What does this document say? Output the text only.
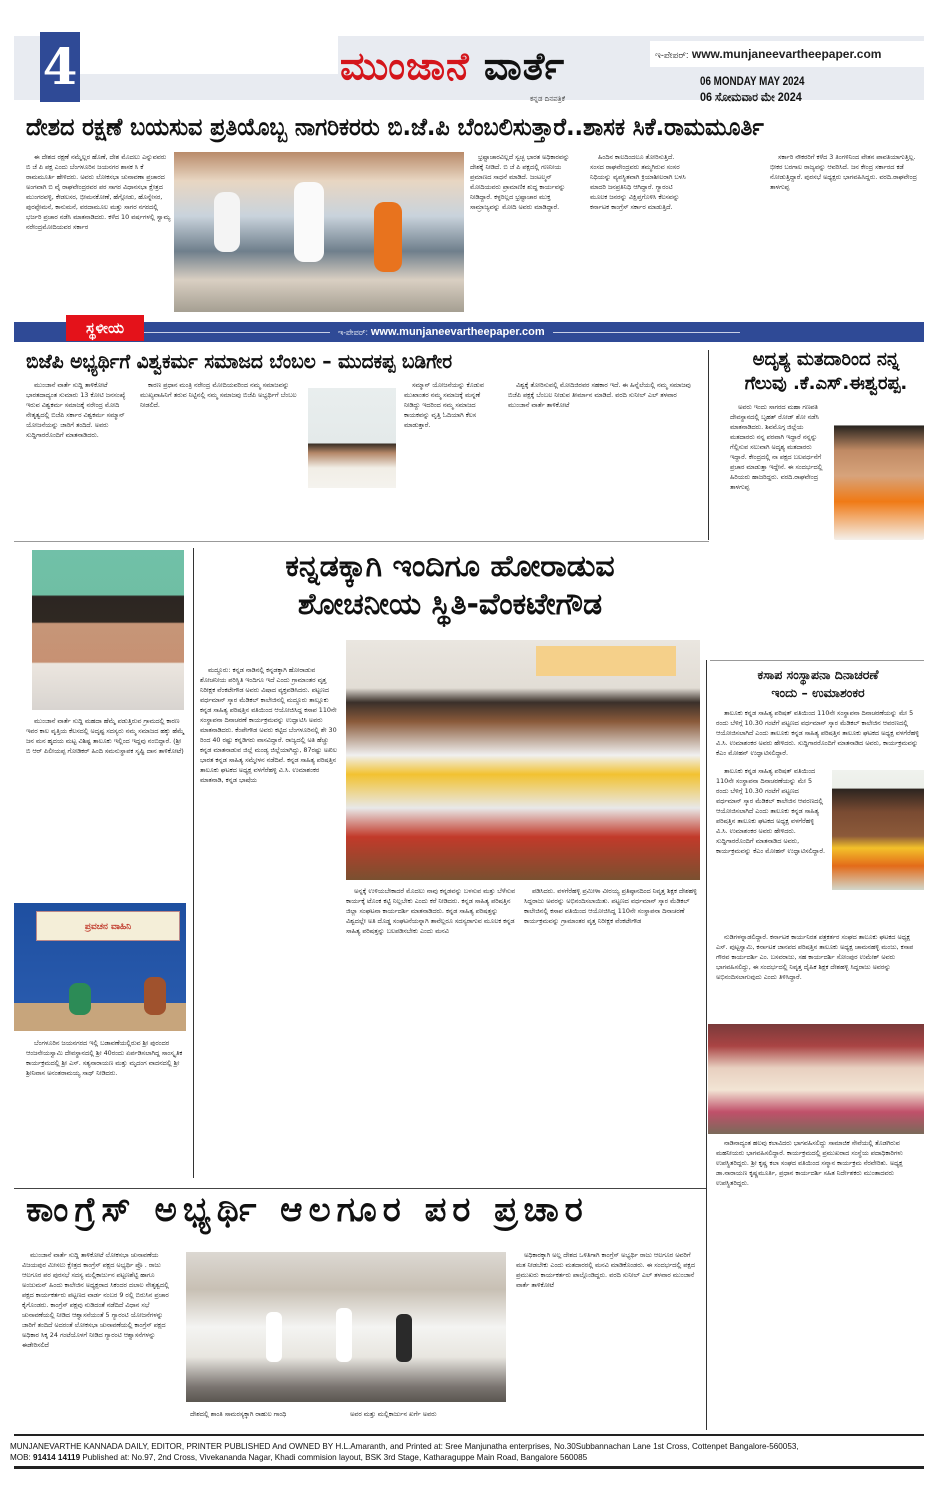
4	ಮುಂಜಾನೆ ವಾರ್ತೆ
ಕನ್ನಡ ದಿನಪತ್ರಿಕೆ
ಇ-ಪೇಪರ್: www.munjaneevartheepaper.com
06 MONDAY MAY 2024
06 ಸೋಮವಾರ ಮೇ 2024
ದೇಶದ ರಕ್ಷಣೆ ಬಯಸುವ ಪ್ರತಿಯೊಬ್ಬ ನಾಗರಿಕರರು ಬಿ.ಜೆ.ಪಿ ಬೆಂಬಲಿಸುತ್ತಾರೆ..ಶಾಸಕ ಸಿಕೆ.ರಾಮಮೂರ್ತಿ

ಈ ದೇಶದ ರಕ್ಷಣೆ ನಮ್ಮೆಲ್ಲರ ಹೊಣೆ, ದೇಶ ಮೊದಲು ಎನ್ನುವವರು ಬಿ ಜೆ ಪಿ ಪಕ್ಷ ಎಂದು ಬೆಂಗಳೂರಿನ ಜಯನಗರ ಶಾಸಕ ಸಿ ಕೆ ರಾಮಮೂರ್ತಿ ಹೇಳಿದರು. ಅವರು ಲೋಕಸಭಾ ಚುನಾವಣಾ ಪ್ರಚಾರದ ಅಂಗವಾಗಿ ಬಿ ವೈ ರಾಘವೇಂದ್ರರವರ ಪರ ಸಾಗರ ವಿಧಾನಸಭಾ ಕ್ಷೇತ್ರದ ಮುಂಗರವಳ್ಳಿ, ಕೇಡಲಸರ, ಭೀಮನಕೋಣೆ, ಹೆಗ್ಗೋಡು, ಹೊನ್ನೇಸರ, ಪುರಪ್ಪೇಮನೆ, ಕಾನುಮನೆ, ವರದಾಮೂಲ ಮತ್ತು ಸಾಗರ ನಗರದಲ್ಲಿ ಭರ್ಜರಿ ಪ್ರಚಾರ ನಡೆಸಿ ಮಾತನಾಡಿದರು. ಕಳೆದ 10 ವರ್ಷಗಳಲ್ಲಿ ಸ್ವಾಮ್ಯ ನರೇಂದ್ರಮೋದಿಯವರ ಸರ್ಕಾರ

ಭ್ರಷ್ಟಾಚಾರವಿಲ್ಲದೆ ಸ್ವಚ್ಛ ಭಾರತ ಅಧಿಕಾರವನ್ನು ದೇಶಕ್ಕೆ ನೀಡಿದೆ. ಬಿ ಜೆ ಪಿ ಪಕ್ಷದಲ್ಲಿ ಗಣನೀಯ ಪ್ರಮಾಣದ ಸಾಧನೆ ಮಾಡಿದೆ. ಜಂಟಲ್ಮನ್ ಮೋದಿಯವರು ಪ್ರಾಮಾಣಿಕ ಶುದ್ಧ ಕಾರ್ಯವನ್ನು ನೀಡಿದ್ದಾರೆ. ಕಳ್ಳರಿಲ್ಲದ ಭ್ರಷ್ಟಾಚಾರ ಮುಕ್ತ ಸಾಮ್ರಾಜ್ಯವನ್ನು ಮೋದಿ ಅವರು ಮಾಡಿದ್ದಾರೆ.

ಹಿಂದಿನ ಕಾಲದಿಂದಲೂ ತೋರಿಸುತ್ತಿದೆ. ಸಂಸದ ರಾಘವೇಂದ್ರವರು ತಮ್ಮಗಿರುವ ಸಂಸರ ನಿಧಿಯನ್ನು ವ್ಯವಸ್ಥಿತವಾಗಿ ಕ್ರಿಯಾಶೀಲರಾಗಿ ಬಳಸಿ ಮಾದರಿ ಜನಪ್ರತಿನಿಧಿ ಆಗಿದ್ದಾರೆ. ಗ್ಯಾರಂಟಿ ಮೂಲಕ ಜನರನ್ನು ವಿಕ್ಷಿಪ್ತಗೊಳಿಸಿ ಕೆಲಸವನ್ನು ಕರ್ನಾಟಕ ಕಾಂಗ್ರೆಸ್ ಸರ್ಕಾರ ಮಾಡುತ್ತಿದೆ.

ಸರ್ಕಾರಿ ನೌಕರರಿಗೆ ಕಳೆದ 3 ತಿಂಗಳಿನಿಂದ ವೇತನ ಪಾವತಿಯಾಗುತ್ತಿಲ್ಲ. ಭೀಕರ ಬರಗಾಲ ರಾಜ್ಯವನ್ನು ಆವರಿಸಿದೆ. ಜನ ಕೇಂದ್ರ ಸರ್ಕಾರದ ಕಡೆ ನೋಡುತ್ತಿದ್ದಾರೆ. ಪುರಸಭೆ ಅಧ್ಯಕ್ಷರು ಭಾಗವಹಿಸಿದ್ದರು. ವರದಿ.ರಾಘವೇಂದ್ರ ತಾಳಗುಪ್ಪ

ಇ-ಪೇಪರ್: www.munjaneevartheepaper.com
ಸ್ಥಳೀಯ
ಬಿಜೆಪಿ ಅಭ್ಯರ್ಥಿಗೆ ವಿಶ್ವಕರ್ಮ ಸಮಾಜದ ಬೆಂಬಲ – ಮುದಕಪ್ಪ ಬಡಿಗೇರ

ಮುಂಜಾನೆ ವಾರ್ತೆ ಸುದ್ದಿ ತಾಳಿಕೋಟೆ ಭಾರತದಾದ್ಯಂತ ಸುಮಾರು 13 ಕೋಟಿ ಜನಸಂಖ್ಯೆ ಇರುವ ವಿಶ್ವಕರ್ಮ ಸಮಾಜಕ್ಕೆ ನರೇಂದ್ರ ಮೋದಿ ನೇತೃತ್ವದಲ್ಲಿ ಬಿಜೆಪಿ ಸರ್ಕಾರ ವಿಶ್ವಕರ್ಮ ಸಮ್ಮಾನ್ ಯೋಜನೆಯನ್ನು ಜಾರಿಗೆ ತಂದಿದೆ. ಅವರು ಸುದ್ದಿಗಾರರೊಂದಿಗೆ ಮಾತನಾಡಿದರು.

ಕಾರಣ ಪ್ರಧಾನ ಮಂತ್ರಿ ನರೇಂದ್ರ ಮೋದಿಯವರಿಂದ ನಮ್ಮ ಸಮಾಜವನ್ನು ಮುಖ್ಯವಾಹಿನಿಗೆ ತರುವ ನಿಟ್ಟಿನಲ್ಲಿ ನಮ್ಮ ಸಮಾಜವು ಬಿಜೆಪಿ ಅಭ್ಯರ್ಥಿಗೆ ಬೆಂಬಲ ನೀಡಲಿದೆ.

ಸಮ್ಮಾನ್ ಯೋಜನೆಯನ್ನು ಕೊಡುವ ಮುಖಾಂತರ ನಮ್ಮ ಸಮಾಜಕ್ಕೆ ಮನ್ನಣೆ ನೀಡಿದ್ದು ಇದರಿಂದ ನಮ್ಮ ಸಮಾಜದ ಕಾಯಕವನ್ನು ವೃತ್ತಿ ಓದಿಯಾಗಿ ಕೆಲಸ ಮಾಡುತ್ತಾರೆ.

ವಿಶ್ವಕ್ಕೆ ತೋರಿಸುವಲ್ಲಿ ಮೋದಿಜಿರವರ ಸಹಕಾರ ಇದೆ. ಈ ಹಿನ್ನೆಲೆಯಲ್ಲಿ ನಮ್ಮ ಸಮಾಜವು ಬಿಜೆಪಿ ಪಕ್ಷಕ್ಕೆ ಬೆಂಬಲ ನೀಡುವ ತೀರ್ಮಾನ ಮಾಡಿದೆ. ವರದಿ ಸುನೀಲ್ ಎಲ್ ತಳವಾರ ಮುಂಜಾನೆ ವಾರ್ತೆ ತಾಳಿಕೋಟೆ

ಅದೃಶ್ಯ ಮತದಾರಿಂದ ನನ್ನ
ಗೆಲುವು .ಕೆ.ಎಸ್.ಈಶ್ವರಪ್ಪ.

ಅವರು ಇಂದು ಸಾಗರದ ಮಹಾ ಗಣಪತಿ ದೇವಸ್ಥಾನದಲ್ಲಿ ಬೃಹತ್ ರೋಡ್ ಶೋ ನಡೆಸಿ ಮಾತನಾಡಿದರು. ಶಿವಮೊಗ್ಗ ಜಿಲ್ಲೆಯ ಮತದಾರರು ನನ್ನ ಪರವಾಗಿ ಇದ್ದಾರೆ ನನ್ನನ್ನು ಗೆಲ್ಲಿಸುವ ಸಲುವಾಗಿ ಅದೃಶ್ಯ ಮತದಾರರು ಇದ್ದಾರೆ. ಕೇಂದ್ರದಲ್ಲಿ ನಾ ಪಕ್ಷದ ಬಲವರ್ಧನೆಗೆ ಪ್ರಚಾರ ಮಾಡುತ್ತಾ ಇದ್ದೇನೆ. ಈ ಸಂದರ್ಭದಲ್ಲಿ ಹಿರಿಯರು ಹಾಜರಿದ್ದರು. ವರದಿ.ರಾಘವೇಂದ್ರ ತಾಳಗುಪ್ಪ

ಮುಂಜಾನೆ ವಾರ್ತೆ ಸುದ್ದಿ ಮಹದಾ ಹೆಮ್ಮೆ ಪಡುತ್ತಿರುವ ಗ್ರಾಮದಲ್ಲಿ ಕಾರಣ ಇವರ ಕಾಲ ವೃತ್ತಿಯ ಕೆಲಸದಲ್ಲಿ ಅದೃಷ್ಟ ಸದಸ್ಯರು ನಮ್ಮ ಸಮಾಜದ ಹಕ್ಕು ಹೆಮ್ಮೆ ಜನ ಮನ ಹೃದಯ ಮಟ್ಟ ವಿಶಿಷ್ಟ ತಾಲೂಕು ಇಲ್ಲಿಂದ ಇದ್ದವು ನಂಬಿದ್ದಾರೆ. (ಶ್ರೀ ಬಿ ಆರ್ ಪಿಲೀಯಪ್ಪ ಗೋಡಿಕರ್ ಹಿಂದಿ ಸಮನುಸ್ಥಾಪಕ ಸೃಷ್ಟಿ ದಾನ ತಾಳಿಕೋಟೆ)

ಪ್ರವಚನ ವಾಹಿನಿ

ಬೆಂಗಳೂರಿನ ಜಯನಗರದ ಇಲ್ಲಿ ಬಡಾವಣೆಯಲ್ಲಿರುವ ಶ್ರೀ ಪುರಂದರ ಆಂಜನೇಯಸ್ವಾಮಿ ದೇವಸ್ಥಾನದಲ್ಲಿ ಶ್ರೀ 40ರಂದು ಏರ್ಪಡಿಸಲಾಗಿದ್ದ ಸಾಂಸ್ಕೃತಿಕ ಕಾರ್ಯಕ್ರಮದಲ್ಲಿ ಶ್ರೀ ಎಸ್. ಸತ್ಯನಾರಾಯಣ ಮತ್ತು ಮೃದಂಗ ವಾದನದಲ್ಲಿ ಶ್ರೀ ಶ್ರೀನಿವಾಸ ಅನಂತರಾಮಯ್ಯ ಸಾಥ್ ನೀಡಿದರು.

ಕನ್ನಡಕ್ಕಾಗಿ ಇಂದಿಗೂ ಹೋರಾಡುವ
ಶೋಚನೀಯ ಸ್ಥಿತಿ-ವೆಂಕಟೇಗೌಡ

ಮದ್ದೂರು: ಕನ್ನಡ ನಾಡಿನಲ್ಲಿ ಕನ್ನಡಕ್ಕಾಗಿ ಹೋರಾಡುವ ಶೋಚನೀಯ ಪರಿಸ್ಥಿತಿ ಇಂದಿಗೂ ಇದೆ ಎಂದು ಗ್ರಾಮಾಂತರ ವೃತ್ತ ನಿರೀಕ್ಷಕ ವೆಂಕಟೇಗೌಡ ಅವರು ವಿಷಾದ ವ್ಯಕ್ತಪಡಿಸಿದರು. ಪಟ್ಟಣದ ವರ್ಧಮಾನ್ ಸ್ಕಾರ ಮೆಡಿಕಲ್ ಕಾಲೇಜಿನಲ್ಲಿ ಮದ್ದೂರು ತಾಲ್ಲೂಕು ಕನ್ನಡ ಸಾಹಿತ್ಯ ಪರಿಷತ್ತಿನ ವತಿಯಿಂದ ಆಯೋಜಿಸಿದ್ದ ಕಸಾಪ 110ನೇ ಸಂಸ್ಥಾಪನಾ ದಿನಾಚರಣೆ ಕಾರ್ಯಕ್ರಮವನ್ನು ಉದ್ಘಾಟಿಸಿ ಅವರು ಮಾತನಾಡಿದರು. ಕೆಂಪೇಗೌಡ ಅವರು ಕಟ್ಟಿದ ಬೆಂಗಳೂರಿನಲ್ಲಿ ಶೇ 30 ರಿಂದ 40 ರಷ್ಟು ಕನ್ನಡಿಗರು ವಾಸವಿದ್ದಾರೆ. ರಾಜ್ಯದಲ್ಲಿ ಅತಿ ಹೆಚ್ಚು ಕನ್ನಡ ಮಾತನಾಡುವ ಜಿಲ್ಲೆ ಮಂಡ್ಯ ಜಿಲ್ಲೆಯಾಗಿದ್ದು, 87ರಷ್ಟು ಅಖಿಲ ಭಾರತ ಕನ್ನಡ ಸಾಹಿತ್ಯ ಸಮ್ಮೇಳನ ನಡೆದಿವೆ. ಕನ್ನಡ ಸಾಹಿತ್ಯ ಪರಿಷತ್ತಿನ ತಾಲೂಕು ಘಟಕದ ಅಧ್ಯಕ್ಷ ವಳಗೆರೆಹಳ್ಳಿ ವಿ.ಸಿ. ಉಮಾಶಂಕರ ಮಾತನಾಡಿ, ಕನ್ನಡ ಭಾಷೆಯ

ಅನ್ನಕ್ಕೆ ಉಳಿಯಬೇಕಾದರೆ ಮೊದಲು ನಾವು ಕನ್ನಡವನ್ನು ಬಳಸುವ ಮತ್ತು ಬೆಳೆಸುವ ಕಾರ್ಯಕ್ಕೆ ಟೊಂಕ ಕಟ್ಟಿ ನಿಲ್ಲಬೇಕು ಎಂದು ಕರೆ ನೀಡಿದರು. ಕನ್ನಡ ಸಾಹಿತ್ಯ ಪರಿಷತ್ತಿನ ಜಿಲ್ಲಾ ಸಂಘಟನಾ ಕಾರ್ಯದರ್ಶಿ ಮಾತನಾಡಿದರು. ಕನ್ನಡ ಸಾಹಿತ್ಯ ಪರಿಷತ್ತನ್ನು ವಿಶ್ವದಲ್ಲೇ ಅತಿ ದೊಡ್ಡ ಸಂಘಟನೆಯನ್ನಾಗಿ ತಾವೆಲ್ಲರೂ ಸದಸ್ಯರಾಗುವ ಮೂಲಕ ಕನ್ನಡ ಸಾಹಿತ್ಯ ಪರಿಷತ್ತನ್ನು ಬಲಪಡಿಸಬೇಕು ಎಂದು ಮನವಿ

ಪಡಿಸಿದರು. ವಳಗೆರೆಹಳ್ಳಿ ಪ್ರಮೀಳಾ ವೀರಯ್ಯ ಪ್ರತಿಷ್ಠಾನದಿಂದ ನಿವೃತ್ತ ಶಿಕ್ಷಕ ದೇಶಹಳ್ಳಿ ಸಿದ್ದರಾಜು ಅವರನ್ನು ಅಭಿನಂದಿಸಲಾಯಿತು. ಪಟ್ಟಣದ ವರ್ಧಮಾನ್ ಸ್ಕಾರ ಮೆಡಿಕಲ್ ಕಾಲೇಜಿನಲ್ಲಿ ಕಸಾಪ ವತಿಯಿಂದ ಆಯೋಜಿಸಿದ್ದ 110ನೇ ಸಂಸ್ಥಾಪನಾ ದಿನಾಚರಣೆ ಕಾರ್ಯಕ್ರಮವನ್ನು ಗ್ರಾಮಾಂತರ ವೃತ್ತ ನಿರೀಕ್ಷಕ ವೆಂಕಟೇಗೌಡ

ಕಸಾಪ ಸಂಸ್ಥಾಪನಾ ದಿನಾಚರಣೆ
ಇಂದು – ಉಮಾಶಂಕರ

ತಾಲೂಕು ಕನ್ನಡ ಸಾಹಿತ್ಯ ಪರಿಷತ್ ವತಿಯಿಂದ 110ನೇ ಸಂಸ್ಥಾಪನಾ ದಿನಾಚರಣೆಯನ್ನು ಮೇ 5 ರಂದು ಬೆಳಿಗ್ಗೆ 10.30 ಗಂಟೆಗೆ ಪಟ್ಟಣದ ವರ್ಧಮಾನ್ ಸ್ಕಾರ ಮೆಡಿಕಲ್ ಕಾಲೇಜಿನ ಆವರಣದಲ್ಲಿ ಆಯೋಜಿಸಲಾಗಿದೆ ಎಂದು ತಾಲೂಕು ಕನ್ನಡ ಸಾಹಿತ್ಯ ಪರಿಷತ್ತಿನ ತಾಲೂಕು ಘಟಕದ ಅಧ್ಯಕ್ಷ ವಳಗೆರೆಹಳ್ಳಿ ವಿ.ಸಿ. ಉಮಾಶಂಕರ ಅವರು ಹೇಳಿದರು. ಸುದ್ದಿಗಾರರೊಂದಿಗೆ ಮಾತನಾಡಿದ ಅವರು, ಕಾರ್ಯಕ್ರಮವನ್ನು ಕೆಎಂ ಮೋಹನ್ ಉದ್ಘಾಟಿಸಲಿದ್ದಾರೆ.

ತಾಲೂಕು ಕನ್ನಡ ಸಾಹಿತ್ಯ ಪರಿಷತ್ ವತಿಯಿಂದ 110ನೇ ಸಂಸ್ಥಾಪನಾ ದಿನಾಚರಣೆಯನ್ನು ಮೇ 5 ರಂದು ಬೆಳಿಗ್ಗೆ 10.30 ಗಂಟೆಗೆ ಪಟ್ಟಣದ ವರ್ಧಮಾನ್ ಸ್ಕಾರ ಮೆಡಿಕಲ್ ಕಾಲೇಜಿನ ಆವರಣದಲ್ಲಿ ಆಯೋಜಿಸಲಾಗಿದೆ ಎಂದು ತಾಲೂಕು ಕನ್ನಡ ಸಾಹಿತ್ಯ ಪರಿಷತ್ತಿನ ತಾಲೂಕು ಘಟಕದ ಅಧ್ಯಕ್ಷ ವಳಗೆರೆಹಳ್ಳಿ ವಿ.ಸಿ. ಉಮಾಶಂಕರ ಅವರು ಹೇಳಿದರು. ಸುದ್ದಿಗಾರರೊಂದಿಗೆ ಮಾತನಾಡಿದ ಅವರು, ಕಾರ್ಯಕ್ರಮವನ್ನು ಕೆಎಂ ಮೋಹನ್ ಉದ್ಘಾಟಿಸಲಿದ್ದಾರೆ.

ನುಡಿಗಳನ್ನಾಡಲಿದ್ದಾರೆ. ಕರ್ನಾಟಕ ಕಾರ್ಯನಿರತ ಪತ್ರಕರ್ತರ ಸಂಘದ ತಾಲೂಕು ಘಟಕದ ಅಧ್ಯಕ್ಷ ಎಸ್. ಪುಟ್ಟಸ್ವಾಮಿ, ಕರ್ನಾಟಕ ಜಾನಪದ ಪರಿಷತ್ತಿನ ತಾಲೂಕು ಅಧ್ಯಕ್ಷ ಚಾಮನಹಳ್ಳಿ ಮಂಜು, ಕಸಾಪ ಗೌರವ ಕಾರ್ಯದರ್ಶಿ ಎಂ. ಬಸವರಾಜು, ಸಹ ಕಾರ್ಯದರ್ಶಿ ಸೋಂಪುರ ಉಮೇಶ್ ಅವರು ಭಾಗವಹಿಸಲಿದ್ದು, ಈ ಸಂದರ್ಭದಲ್ಲಿ ನಿವೃತ್ತ ದೈಹಿಕ ಶಿಕ್ಷಕ ದೇಶಹಳ್ಳಿ ಸಿದ್ದರಾಜು ಅವರನ್ನು ಅಭಿನಂದಿಸಲಾಗುವುದು ಎಂದು ತಿಳಿಸಿದ್ದಾರೆ.

ನಾಡಿನಾದ್ಯಂತ ಹಲವು ಕಲಾವಿದರು ಭಾಗವಹಿಸಲಿದ್ದು ಸಾಮಾಜಿಕ ಸೇವೆಯಲ್ಲಿ ತೊಡಗಿರುವ ಮಹನೀಯರು ಭಾಗವಹಿಸಲಿದ್ದಾರೆ. ಕಾರ್ಯಕ್ರಮದಲ್ಲಿ ಪ್ರಮುಖರಾದ ಸಂಸ್ಥೆಯ ಪದಾಧಿಕಾರಿಗಳು ಉಪಸ್ಥಿತರಿದ್ದರು. ಶ್ರೀ ಕೃಷ್ಣ ಕಲಾ ಸಂಘದ ವತಿಯಿಂದ ಸನ್ಮಾನ ಕಾರ್ಯಕ್ರಮ ನೆರವೇರಿತು. ಅಧ್ಯಕ್ಷ ಡಾ.ನಾರಾಯಣ ಕೃಷ್ಣಮೂರ್ತಿ, ಪ್ರಧಾನ ಕಾರ್ಯದರ್ಶಿ ಸಹಿತ ನಿರ್ದೇಶಕರು ಮುಂತಾದವರು ಉಪಸ್ಥಿತರಿದ್ದರು.

ಕಾಂಗ್ರೆಸ್ ಅಭ್ಯರ್ಥಿ ಆಲಗೂರ ಪರ ಪ್ರಚಾರ

ಮುಂಜಾನೆ ವಾರ್ತೆ ಸುದ್ದಿ ತಾಳಿಕೋಟೆ ಲೋಕಸಭಾ ಚುನಾವಣೆಯ ವಿಜಯಪುರ ಮೀಸಲು ಕ್ಷೇತ್ರದ ಕಾಂಗ್ರೆಸ್ ಪಕ್ಷದ ಅಭ್ಯರ್ಥಿ ಪ್ರೊ . ರಾಜು ಆಲಗೂರ ಪರ ಪುರಸಭೆ ಸದಸ್ಯ ಮಲ್ಲಿಕಾರ್ಜುನ ಪಟ್ಟಣಶೆಟ್ಟಿ ಹಾಗೂ ಅಂಜುಮನ್ ಹಿಂದು ಕಾಲೇಜಿನ ಅಧ್ಯಕ್ಷರಾದ ಸಿಕಂದರ ದಲಾಲ ನೇತೃತ್ವದಲ್ಲಿ ಪಕ್ಷದ ಕಾರ್ಯಕರ್ತರು ಪಟ್ಟಣದ ವಾರ್ಡ ನಂಬರ 9 ರಲ್ಲಿ ಬಿರುಸಿನ ಪ್ರಚಾರ ಕೈಗೊಂಡರು. ಕಾಂಗ್ರೆಸ್ ಪಕ್ಷವು ನುಡಿದಂತೆ ನಡೆದಿದೆ ವಿಧಾನ ಸಭೆ ಚುನಾವಣೆಯಲ್ಲಿ ನೀಡಿದ ಆಶ್ವಾಸನೆಯಂತೆ 5 ಗ್ಯಾರಂಟಿ ಯೋಜನೆಗಳನ್ನು ಜಾರಿಗೆ ತಂದಿದೆ ಅದರಂತೆ ಲೋಕಸಭಾ ಚುನಾವಣೆಯಲ್ಲಿ ಕಾಂಗ್ರೆಸ್ ಪಕ್ಷದ ಅಧಿಕಾರ ಸಿಕ್ಕ 24 ಗಂಟೆಯೊಳಗೆ ನೀಡಿದ ಗ್ಯಾರಂಟಿ ಆಶ್ವಾಸನೆಗಳನ್ನು ಈಡೇರಿಸಲಿದೆ

ದೇಶದಲ್ಲಿ ಶಾಂತಿ ಸಾಮರಸ್ಯಕ್ಕಾಗಿ ರಾಹುಲ ಗಾಂಧಿ	ಅವರ ಮತ್ತು ಮಲ್ಲಿಕಾರ್ಜುನ ಖರ್ಗೆ ಅವರು

ಅಧಿಕಾರಕ್ಕಾಗಿ ಅಲ್ಲ ದೇಶದ ಒಳಿತಿಗಾಗಿ ಕಾಂಗ್ರೆಸ್ ಅಭ್ಯರ್ಥಿ ರಾಜು ಆಲಗೂರ ಅವರಿಗೆ ಮತ ನೀಡಬೇಕು ಎಂದು ಮತದಾರರಲ್ಲಿ ಮನವಿ ಮಾಡಿಕೊಂಡರು. ಈ ಸಂದರ್ಭದಲ್ಲಿ ಪಕ್ಷದ ಪ್ರಮುಖರು ಕಾರ್ಯಕರ್ತರು ಪಾಲ್ಗೊಂಡಿದ್ದರು. ವರದಿ ಸುನೀಲ್ ಎಲ್ ತಳವಾರ ಮುಂಜಾನೆ ವಾರ್ತೆ ತಾಳಿಕೋಟೆ

MUNJANEVARTHE KANNADA DAILY, EDITOR, PRINTER PUBLISHED And OWNED BY H.L.Amaranth, and Printed at: Sree Manjunatha enterprises, No.30Subbannachan Lane 1st Cross, Cottenpet Bangalore-560053,
MOB: 91414 14119 Published at: No.97, 2nd Cross, Vivekananda Nagar, Khadi commision layout, BSK 3rd Stage, Katharaguppe Main Road, Bangalore 560085
